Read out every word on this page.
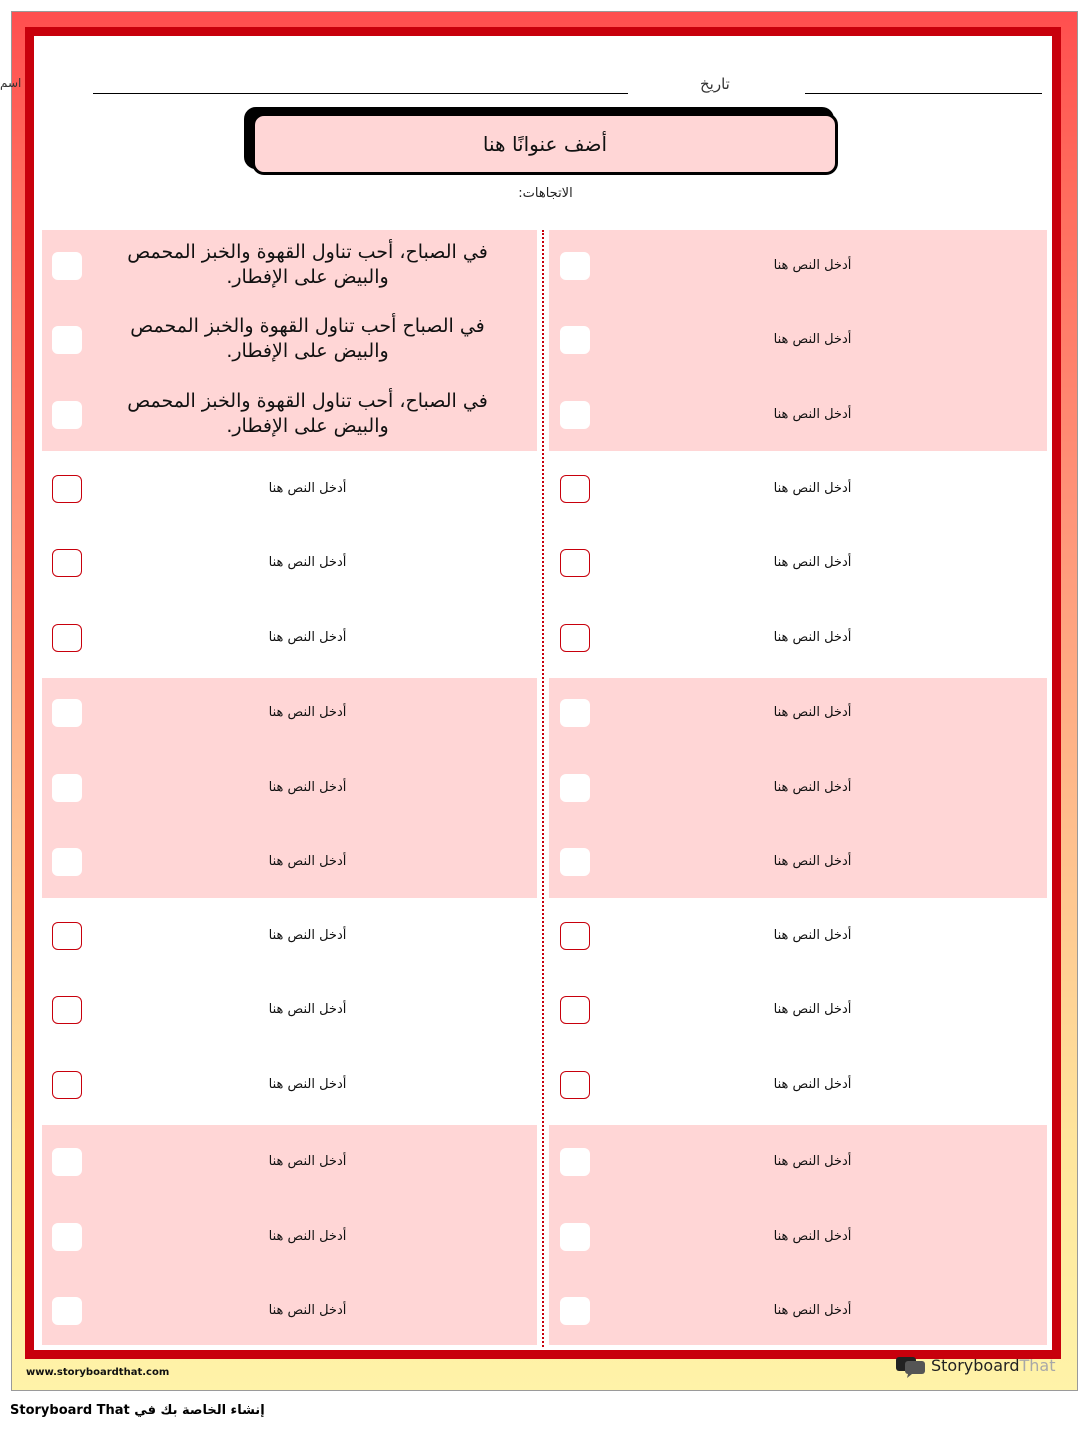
اسم	تاريخ
أضف عنوانًا هنا
الاتجاهات:
في الصباح، أحب تناول القهوة والخبز المحمص والبيض على الإفطار.
في الصباح أحب تناول القهوة والخبز المحمص والبيض على الإفطار.
في الصباح، أحب تناول القهوة والخبز المحمص والبيض على الإفطار.
أدخل النص هنا
أدخل النص هنا
أدخل النص هنا
أدخل النص هنا
أدخل النص هنا
أدخل النص هنا
أدخل النص هنا
أدخل النص هنا
أدخل النص هنا
أدخل النص هنا
أدخل النص هنا
أدخل النص هنا
أدخل النص هنا
أدخل النص هنا
أدخل النص هنا
أدخل النص هنا
أدخل النص هنا
أدخل النص هنا
أدخل النص هنا
أدخل النص هنا
أدخل النص هنا
أدخل النص هنا
أدخل النص هنا
أدخل النص هنا
أدخل النص هنا
أدخل النص هنا
أدخل النص هنا
www.storyboardthat.com	StoryboardThat
إنشاء الخاصة بك في Storyboard That
